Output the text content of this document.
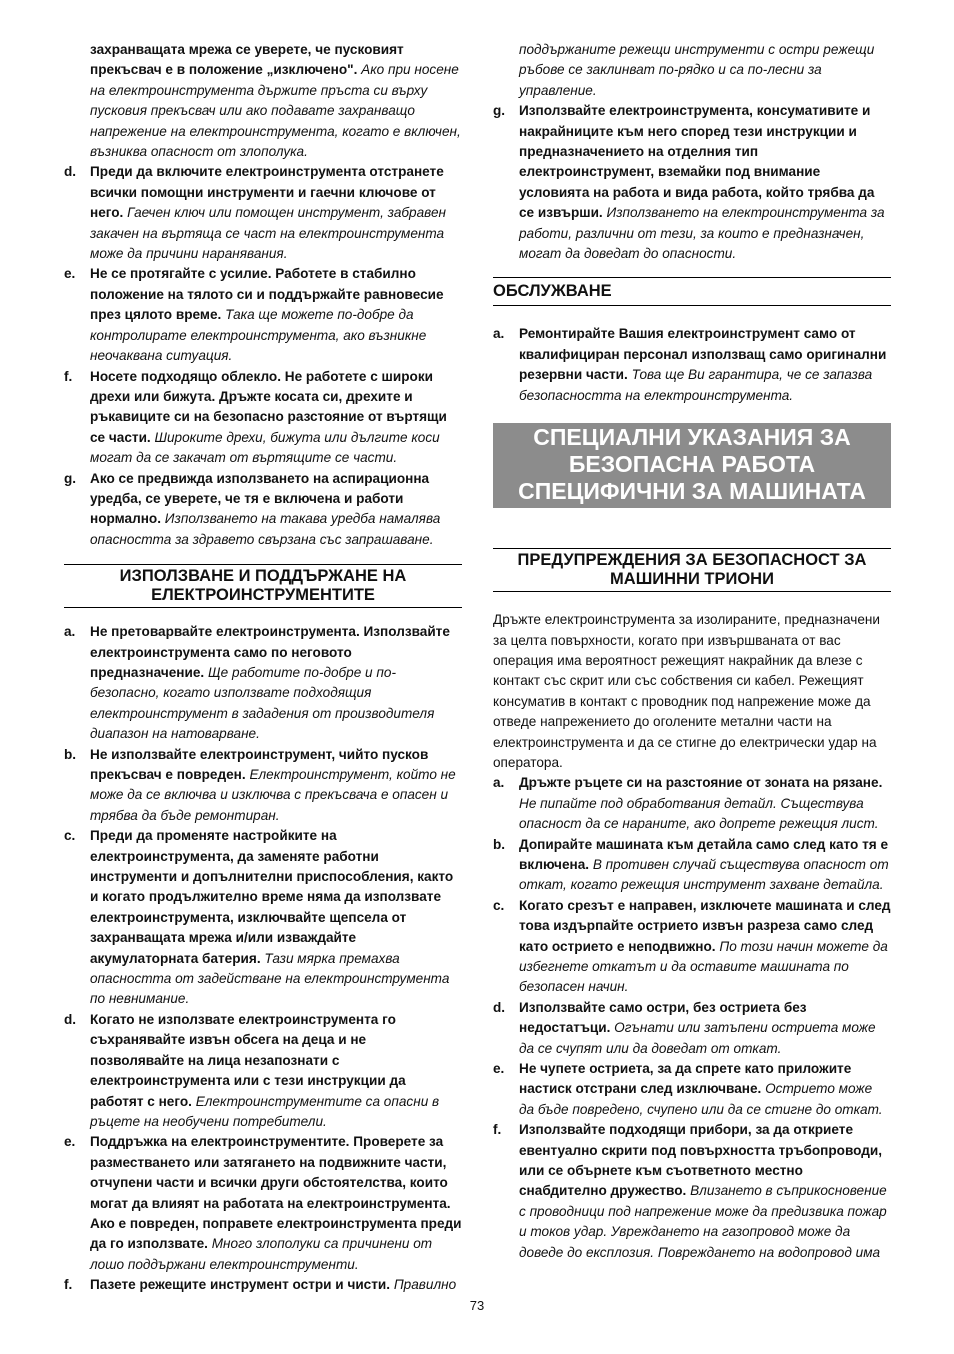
захранващата мрежа се уверете, че пусковият прекъсвач е в положение „изключено". Ако при носене на електроинструмента държите пръста си върху пусковия прекъсвач или ако подавате захранващо напрежение на електроинструмента, когато е включен, възниква опасност от злополука.
d. Преди да включите електроинструмента отстранете всички помощни инструменти и гаечни ключове от него. Гаечен ключ или помощен инструмент, забравен закачен на въртяща се част на електроинструмента може да причини наранявания.
e. Не се протягайте с усилие. Работете в стабилно положение на тялото си и поддържайте равновесие през цялото време. Така ще можете по-добре да контролирате електроинструмента, ако възникне неочаквана ситуация.
f. Носете подходящо облекло. Не работете с широки дрехи или бижута. Дръжте косата си, дрехите и ръкавиците си на безопасно разстояние от въртящи се части. Широките дрехи, бижута или дългите коси могат да се закачат от въртящите се части.
g. Ако се предвижда използването на аспирационна уредба, се уверете, че тя е включена и работи нормално. Използването на такава уредба намалява опасността за здравето свързана със запрашаване.
ИЗПОЛЗВАНЕ И ПОДДЪРЖАНЕ НА ЕЛЕКТРОИНСТРУМЕНТИТЕ
a. Не претоварвайте електроинструмента. Използвайте електроинструмента само по неговото предназначение. Ще работите по-добре и по-безопасно, когато използвате подходящия електроинструмент в зададения от производителя диапазон на натоварване.
b. Не използвайте електроинструмент, чийто пусков прекъсвач е повреден. Електроинструмент, който не може да се включва и изключва с прекъсвача е опасен и трябва да бъде ремонтиран.
c. Преди да променяте настройките на електроинструмента, да заменяте работни инструменти и допълнителни приспособления, както и когато продължително време няма да използвате електроинструмента, изключвайте щепсела от захранващата мрежа и/или изваждайте акумулаторната батерия. Тази мярка премахва опасността от задействане на електроинструмента по невнимание.
d. Когато не използвате електроинструмента го съхранявайте извън обсега на деца и не позволявайте на лица незапознати с електроинструмента или с тези инструкции да работят с него. Електроинструментите са опасни в ръцете на необучени потребители.
e. Поддръжка на електроинструментите. Проверете за разместването или затягането на подвижните части, отчупени части и всички други обстоятелства, които могат да влияят на работата на електроинструмента. Ако е повреден, поправете електроинструмента преди да го използвате. Много злополуки са причинени от лошо поддържани електроинструменти.
f. Пазете режещите инструмент остри и чисти. Правилно
поддържаните режещи инструменти с остри режещи ръбове се заклинват по-рядко и са по-лесни за управление.
g. Използвайте електроинструмента, консумативите и накрайниците към него според тези инструкции и предназначението на отделния тип електроинструмент, вземайки под внимание условията на работа и вида работа, който трябва да се извърши. Използването на електроинструмента за работи, различни от тези, за които е предназначен, могат да доведат до опасности.
ОБСЛУЖВАНЕ
a. Ремонтирайте Вашия електроинструмент само от квалифициран персонал използващ само оригинални резервни части. Това ще Ви гарантира, че се запазва безопасността на електроинструмента.
СПЕЦИАЛНИ УКАЗАНИЯ ЗА БЕЗОПАСНА РАБОТА СПЕЦИФИЧНИ ЗА МАШИНАТА
ПРЕДУПРЕЖДЕНИЯ ЗА БЕЗОПАСНОСТ ЗА МАШИННИ ТРИОНИ
Дръжте електроинструмента за изолираните, предназначени за целта повърхности, когато при извършваната от вас операция има вероятност режещият накрайник да влезе с контакт със скрит или със собствения си кабел. Режещият консуматив в контакт с проводник под напрежение може да отведе напрежението до оголените метални части на електроинструмента и да се стигне до електрически удар на оператора.
a. Дръжте ръцете си на разстояние от зоната на рязане. Не пипайте под обработвания детайл. Съществува опасност да се нараните, ако допрете режещия лист.
b. Допирайте машината към детайла само след като тя е включена. В противен случай съществува опасност от откат, когато режещия инструмент захване детайла.
c. Когато срезът е направен, изключете машината и след това издърпайте острието извън разреза само след като острието е неподвижно. По този начин можете да избегнете откатът и да оставите машината по безопасен начин.
d. Използвайте само остри, без остриета без недостатъци. Огънати или затъпени остриета може да се счупят или да доведат от откат.
e. Не чупете остриета, за да спрете като приложите настиск отстрани след изключване. Острието може да бъде повредено, счупено или да се стигне до откат.
f. Използвайте подходящи прибори, за да откриете евентуално скрити под повърхността тръбопроводи, или се обърнете към съответното местно снабдително дружество. Влизането в съприкосновение с проводници под напрежение може да предизвика пожар и токов удар. Увреждането на газопровод може да доведе до експлозия. Повреждането на водопровод има
73
